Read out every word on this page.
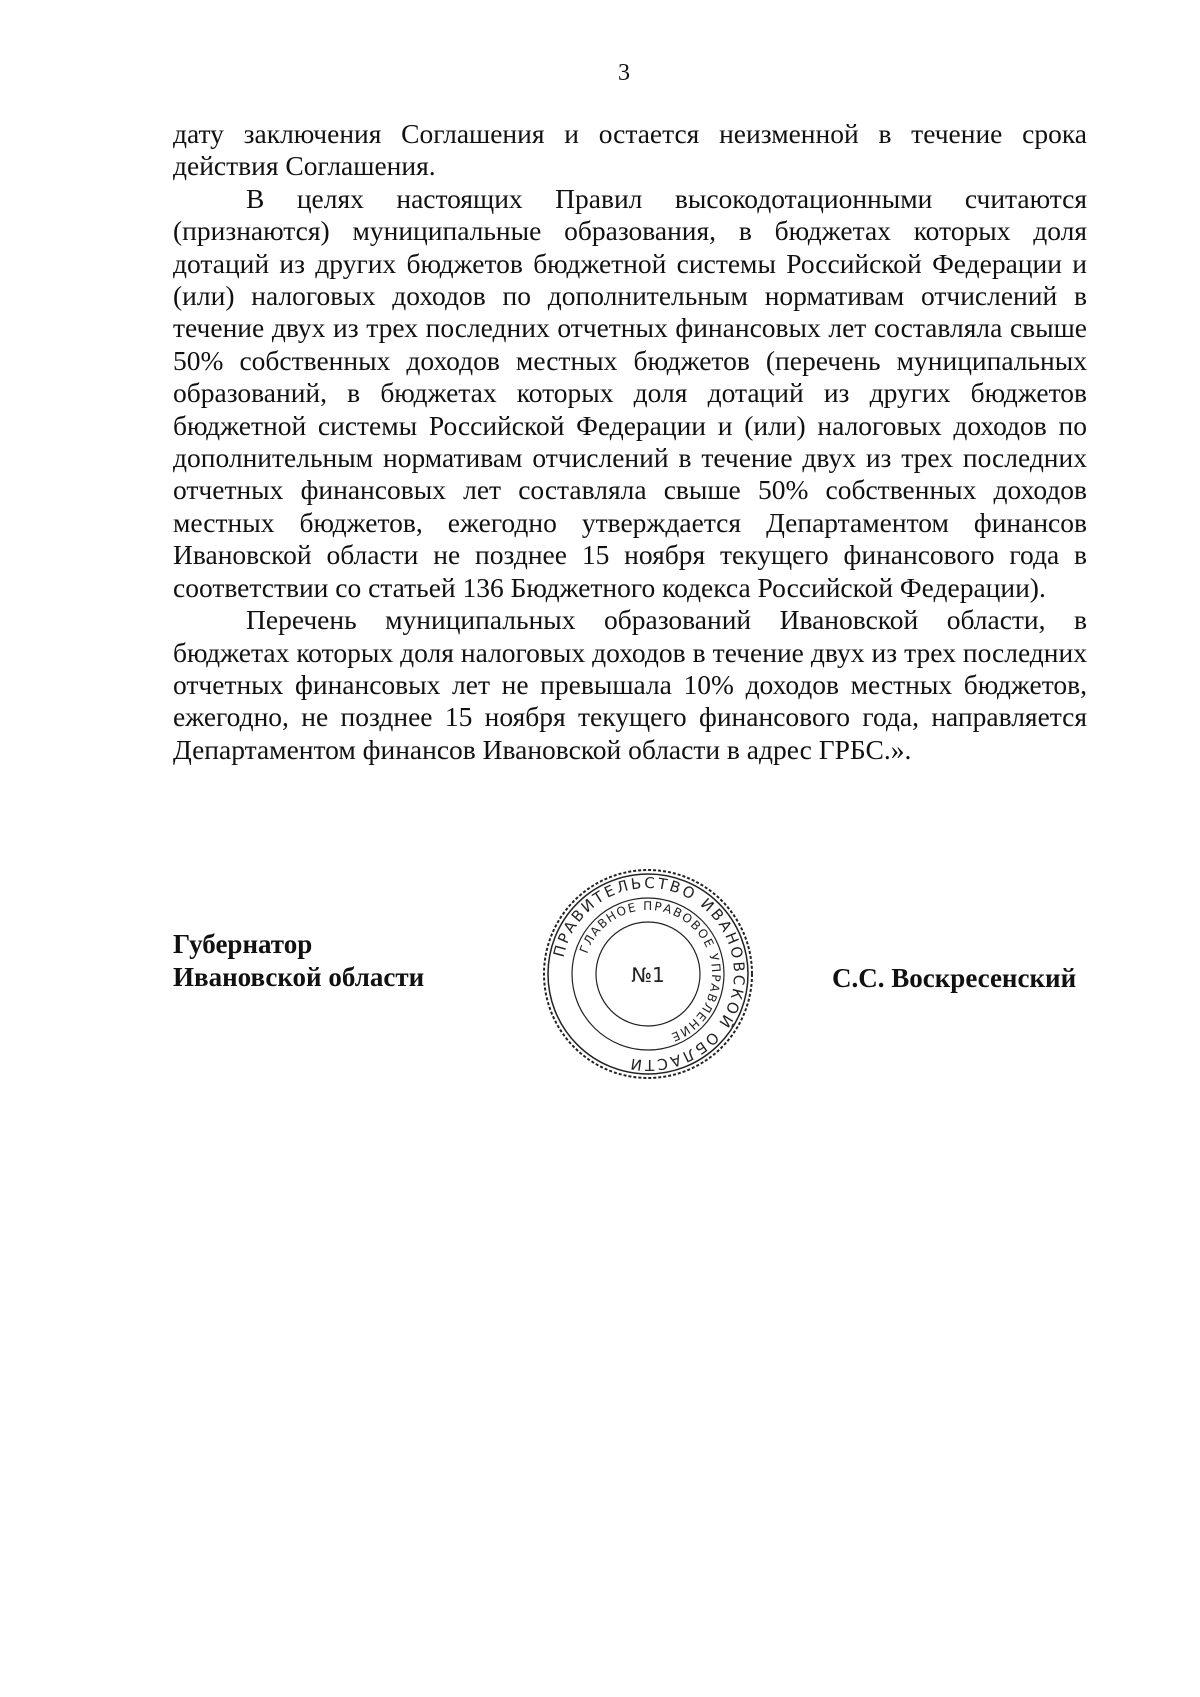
3

дату заключения Соглашения и остается неизменной в течение срока действия Соглашения.

В целях настоящих Правил высокодотационными считаются (признаются) муниципальные образования, в бюджетах которых доля дотаций из других бюджетов бюджетной системы Российской Федерации и (или) налоговых доходов по дополнительным нормативам отчислений в течение двух из трех последних отчетных финансовых лет составляла свыше 50% собственных доходов местных бюджетов (перечень муниципальных образований, в бюджетах которых доля дотаций из других бюджетов бюджетной системы Российской Федерации и (или) налоговых доходов по дополнительным нормативам отчислений в течение двух из трех последних отчетных финансовых лет составляла свыше 50% собственных доходов местных бюджетов, ежегодно утверждается Департаментом финансов Ивановской области не позднее 15 ноября текущего финансового года в соответствии со статьей 136 Бюджетного кодекса Российской Федерации).

Перечень муниципальных образований Ивановской области, в бюджетах которых доля налоговых доходов в течение двух из трех последних отчетных финансовых лет не превышала 10% доходов местных бюджетов, ежегодно, не позднее 15 ноября текущего финансового года, направляется Департаментом финансов Ивановской области в адрес ГРБС.».

Губернатор
Ивановской области
ПРАВИТЕЛЬСТВО ИВАНОВСКОЙ ОБЛАСТИ
ГЛАВНОЕ ПРАВОВОЕ УПРАВЛЕНИЕ
№1	С.С. Воскресенский
